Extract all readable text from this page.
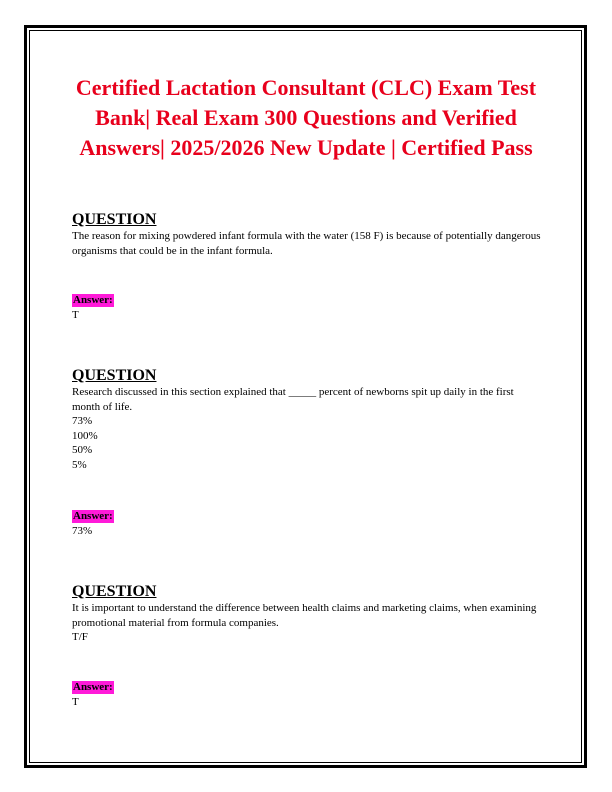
Certified Lactation Consultant (CLC) Exam Test Bank| Real Exam 300 Questions and Verified Answers| 2025/2026 New Update | Certified Pass

QUESTION

The reason for mixing powdered infant formula with the water (158 F) is because of potentially dangerous organisms that could be in the infant formula.

Answer:

T

QUESTION

Research discussed in this section explained that _____ percent of newborns spit up daily in the first month of life.

73%

100%

50%

5%

Answer:

73%

QUESTION

It is important to understand the difference between health claims and marketing claims, when examining promotional material from formula companies.

T/F

Answer:

T
